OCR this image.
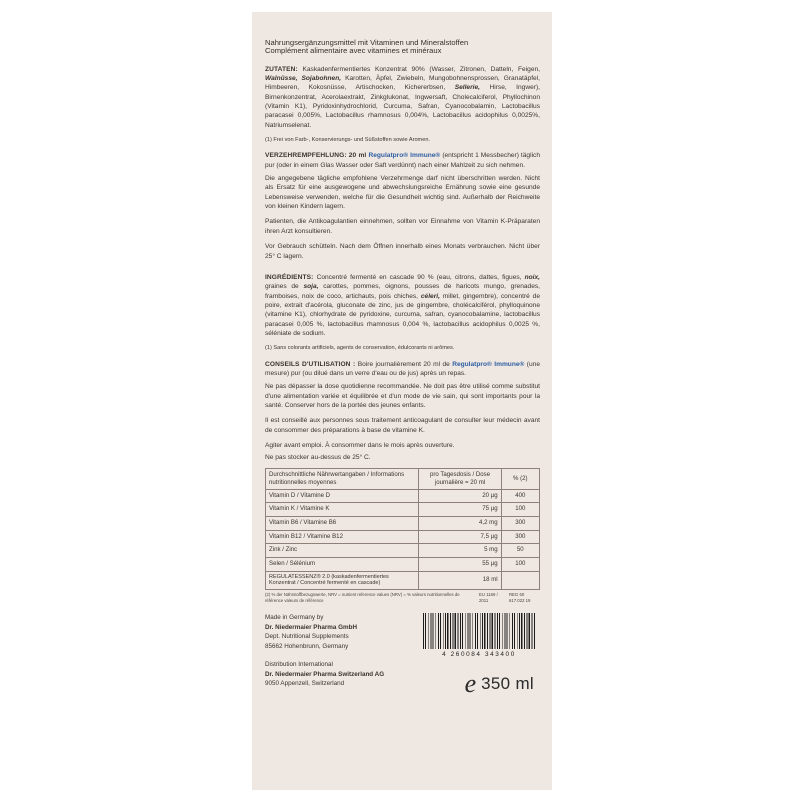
Nahrungsergänzungsmittel mit Vitaminen und Mineralstoffen
Complément alimentaire avec vitamines et minéraux
ZUTATEN: Kaskadenfermentiertes Konzentrat 90% (Wasser, Zitronen, Datteln, Feigen, Walnüsse, Sojabohnen, Karotten, Äpfel, Zwiebeln, Mungobohnensprossen, Granatäpfel, Himbeeren, Kokosnüsse, Artischocken, Kichererbsen, Sellerie, Hirse, Ingwer), Birnenkonzentrat, Acerolaextrakt, Zinkglukonat, Ingwersaft, Cholecalciferol, Phyllochinon (Vitamin K1), Pyridoxinhydrochlorid, Curcuma, Safran, Cyanocobalamin, Lactobacillus paracasei 0,005%, Lactobacillus rhamnosus 0,004%, Lactobacillus acidophilus 0,0025%, Natriumselenat.
(1) Frei von Farb-, Konservierungs- und Süßstoffen sowie Aromen.
VERZEHREMPFEHLUNG: 20 ml Regulatpro® Immune® (entspricht 1 Messbecher) täglich pur (oder in einem Glas Wasser oder Saft verdünnt) nach einer Mahlzeit zu sich nehmen.
Die angegebene tägliche empfohlene Verzehrmenge darf nicht überschritten werden. Nicht als Ersatz für eine ausgewogene und abwechslungsreiche Ernährung sowie eine gesunde Lebensweise verwenden, welche für die Gesundheit wichtig sind. Außerhalb der Reichweite von kleinen Kindern lagern.
Patienten, die Antikoagulantien einnehmen, sollten vor Einnahme von Vitamin K-Präparaten ihren Arzt konsultieren.
Vor Gebrauch schütteln. Nach dem Öffnen innerhalb eines Monats verbrauchen. Nicht über 25° C lagern.
INGRÉDIENTS: Concentré fermenté en cascade 90 % (eau, citrons, dattes, figues, noix, graines de soja, carottes, pommes, oignons, pousses de haricots mungo, grenades, framboises, noix de coco, artichauts, pois chiches, céleri, millet, gingembre), concentré de poire, extrait d'acérola, gluconate de zinc, jus de gingembre, cholécalciférol, phylloquinone (vitamine K1), chlorhydrate de pyridoxine, curcuma, safran, cyanocobalamine, lactobacillus paracasei 0,005 %, lactobacillus rhamnosus 0,004 %, lactobacillus acidophilus 0,0025 %, séléniate de sodium.
(1) Sans colorants artificiels, agents de conservation, édulcorants ni arômes.
CONSEILS D'UTILISATION : Boire journalièrement 20 ml de Regulatpro® Immune® (une mesure) pur (ou dilué dans un verre d'eau ou de jus) après un repas.
Ne pas dépasser la dose quotidienne recommandée. Ne doit pas être utilisé comme substitut d'une alimentation variée et équilibrée et d'un mode de vie sain, qui sont importants pour la santé. Conserver hors de la portée des jeunes enfants.
Il est conseillé aux personnes sous traitement anticoagulant de consulter leur médecin avant de consommer des préparations à base de vitamine K.
Agiter avant emploi. À consommer dans le mois après ouverture.
Ne pas stocker au-dessus de 25° C.
Durchschnittliche Nährwertangaben / Informations nutritionnelles moyennes	pro Tagesdosis / Dose journalière = 20 ml	% (2)
Vitamin D / Vitamine D	20 µg	400
Vitamin K / Vitamine K	75 µg	100
Vitamin B6 / Vitamine B6	4,2 mg	300
Vitamin B12 / Vitamine B12	7,5 µg	300
Zink / Zinc	5 mg	50
Selen / Sélénium	55 µg	100
REGULATESSENZ® 2.0 (kaskadenfermentiertes Konzentrat / Concentré fermenté en cascade)	18 ml	
(2) % der Nährstoffbezugswerte, NRV = nutrient reference values (NRV) = % valeurs nutritionnelles de référence valeurs de référence
EU 1169 / 2011
REG 60 617.022 19
Made in Germany by
Dr. Niedermaier Pharma GmbH
Dept. Nutritional Supplements
85662 Hohenbrunn, Germany
Distribution International
Dr. Niedermaier Pharma Switzerland AG
9050 Appenzell, Switzerland
4 260084 343400
e 350 ml
